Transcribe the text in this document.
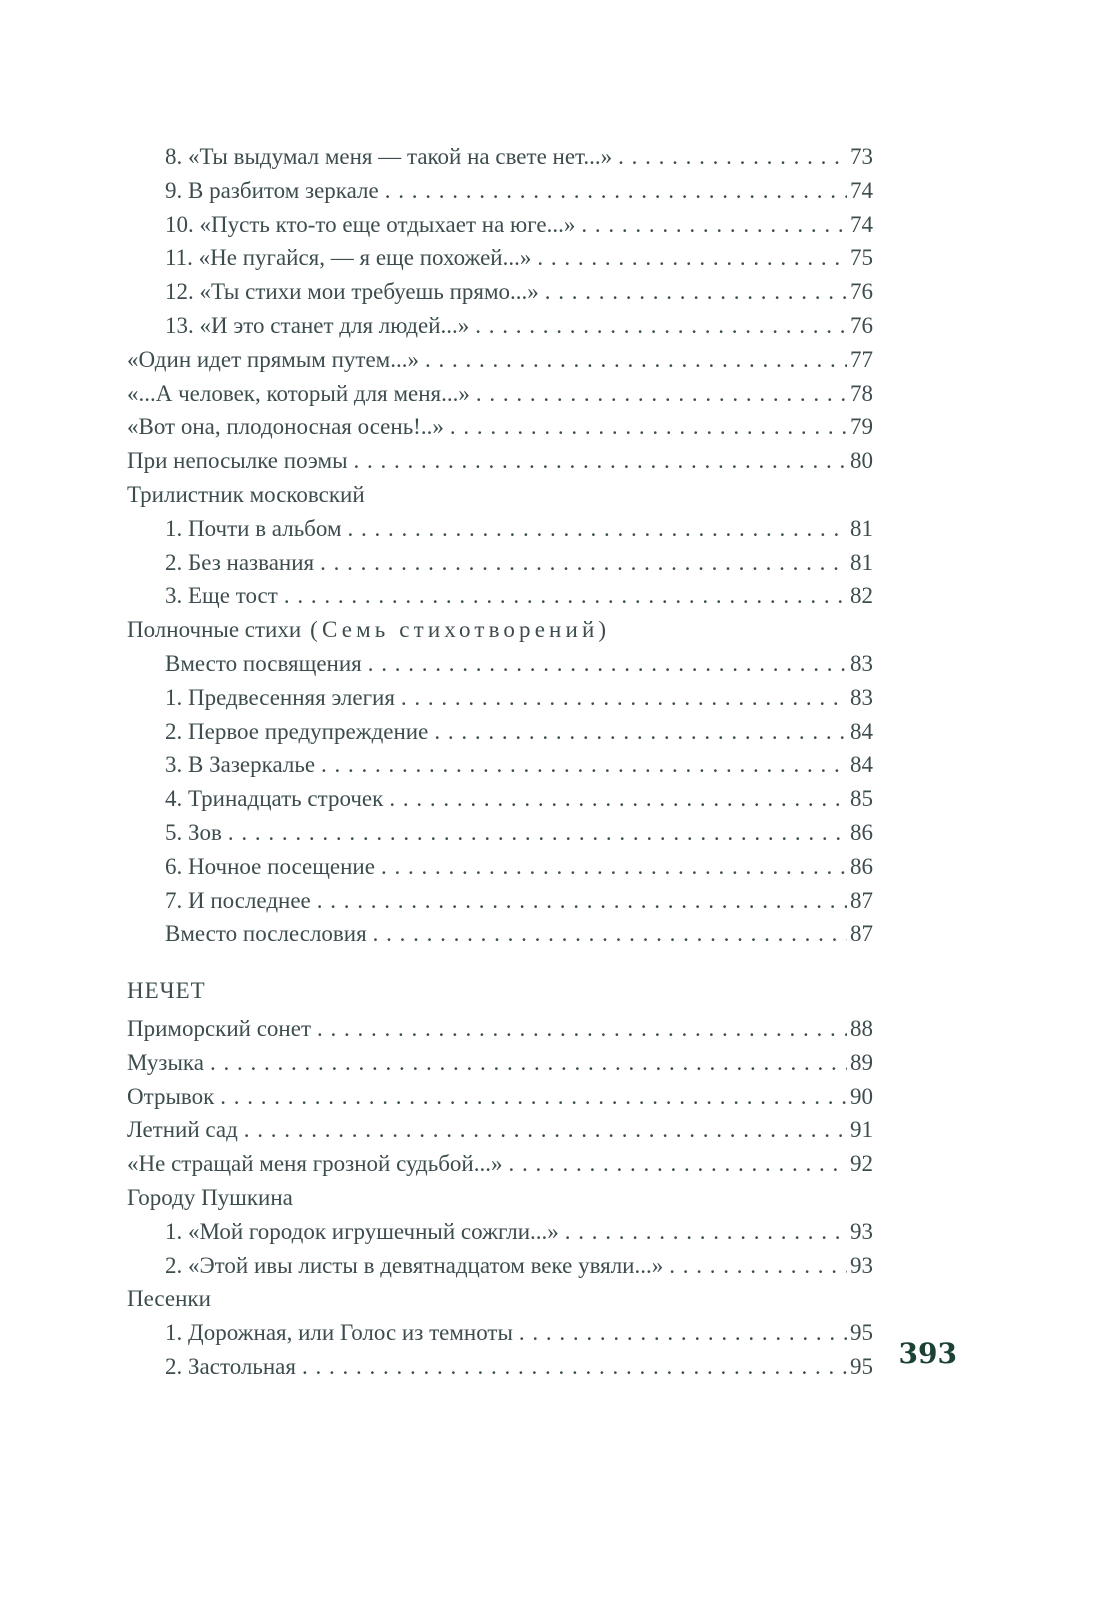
8. «Ты выдумал меня — такой на свете нет...» . . .	73
9. В разбитом зеркале . . .	74
10. «Пусть кто-то еще отдыхает на юге...» . . .	74
11. «Не пугайся, — я еще похожей...» . . .	75
12. «Ты стихи мои требуешь прямо...» . . .	76
13. «И это станет для людей...» . . .	76
«Один идет прямым путем...» . . .	77
«...А человек, который для меня...» . . .	78
«Вот она, плодоносная осень!..» . . .	79
При непосылке поэмы . . .	80
Трилистник московский
1. Почти в альбом . . .	81
2. Без названия . . .	81
3. Еще тост . . .	82
Полночные стихи (Семь стихотворений)
Вместо посвящения . . .	83
1. Предвесенняя элегия . . .	83
2. Первое предупреждение . . .	84
3. В Зазеркалье . . .	84
4. Тринадцать строчек . . .	85
5. Зов . . .	86
6. Ночное посещение . . .	86
7. И последнее . . .	87
Вместо послесловия . . .	87
НЕЧЕТ
Приморский сонет . . .	88
Музыка . . .	89
Отрывок . . .	90
Летний сад . . .	91
«Не стращай меня грозной судьбой...» . . .	92
Городу Пушкина
1. «Мой городок игрушечный сожгли...» . . .	93
2. «Этой ивы листы в девятнадцатом веке увяли...» . . .	93
Песенки
1. Дорожная, или Голос из темноты . . .	95
2. Застольная . . .	95 393
